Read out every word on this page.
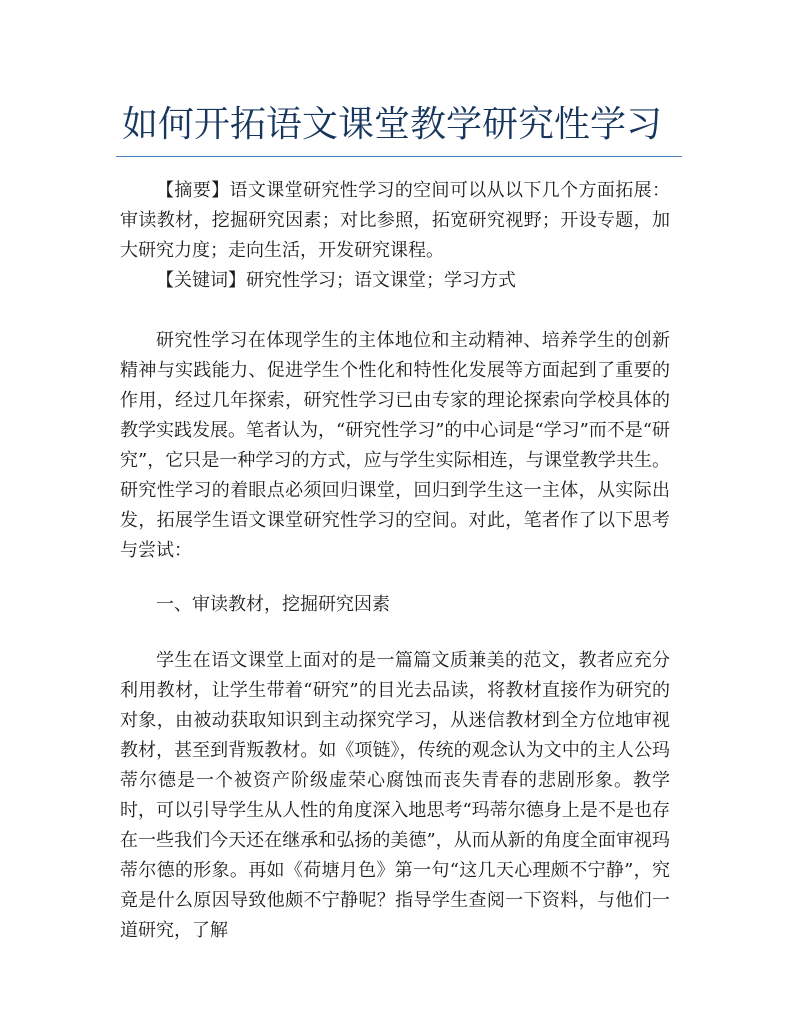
如何开拓语文课堂教学研究性学习

【摘要】语文课堂研究性学习的空间可以从以下几个方面拓展：审读教材，挖掘研究因素；对比参照，拓宽研究视野；开设专题，加大研究力度；走向生活，开发研究课程。

【关键词】研究性学习；语文课堂；学习方式

研究性学习在体现学生的主体地位和主动精神、培养学生的创新精神与实践能力、促进学生个性化和特性化发展等方面起到了重要的作用，经过几年探索，研究性学习已由专家的理论探索向学校具体的教学实践发展。笔者认为，“研究性学习”的中心词是“学习”而不是“研究”，它只是一种学习的方式，应与学生实际相连，与课堂教学共生。研究性学习的着眼点必须回归课堂，回归到学生这一主体，从实际出发，拓展学生语文课堂研究性学习的空间。对此，笔者作了以下思考与尝试：

一、审读教材，挖掘研究因素

学生在语文课堂上面对的是一篇篇文质兼美的范文，教者应充分利用教材，让学生带着“研究”的目光去品读，将教材直接作为研究的对象，由被动获取知识到主动探究学习，从迷信教材到全方位地审视教材，甚至到背叛教材。如《项链》，传统的观念认为文中的主人公玛蒂尔德是一个被资产阶级虚荣心腐蚀而丧失青春的悲剧形象。教学时，可以引导学生从人性的角度深入地思考“玛蒂尔德身上是不是也存在一些我们今天还在继承和弘扬的美德”，从而从新的角度全面审视玛蒂尔德的形象。再如《荷塘月色》第一句“这几天心理颇不宁静”，究竟是什么原因导致他颇不宁静呢？指导学生查阅一下资料，与他们一道研究，了解
